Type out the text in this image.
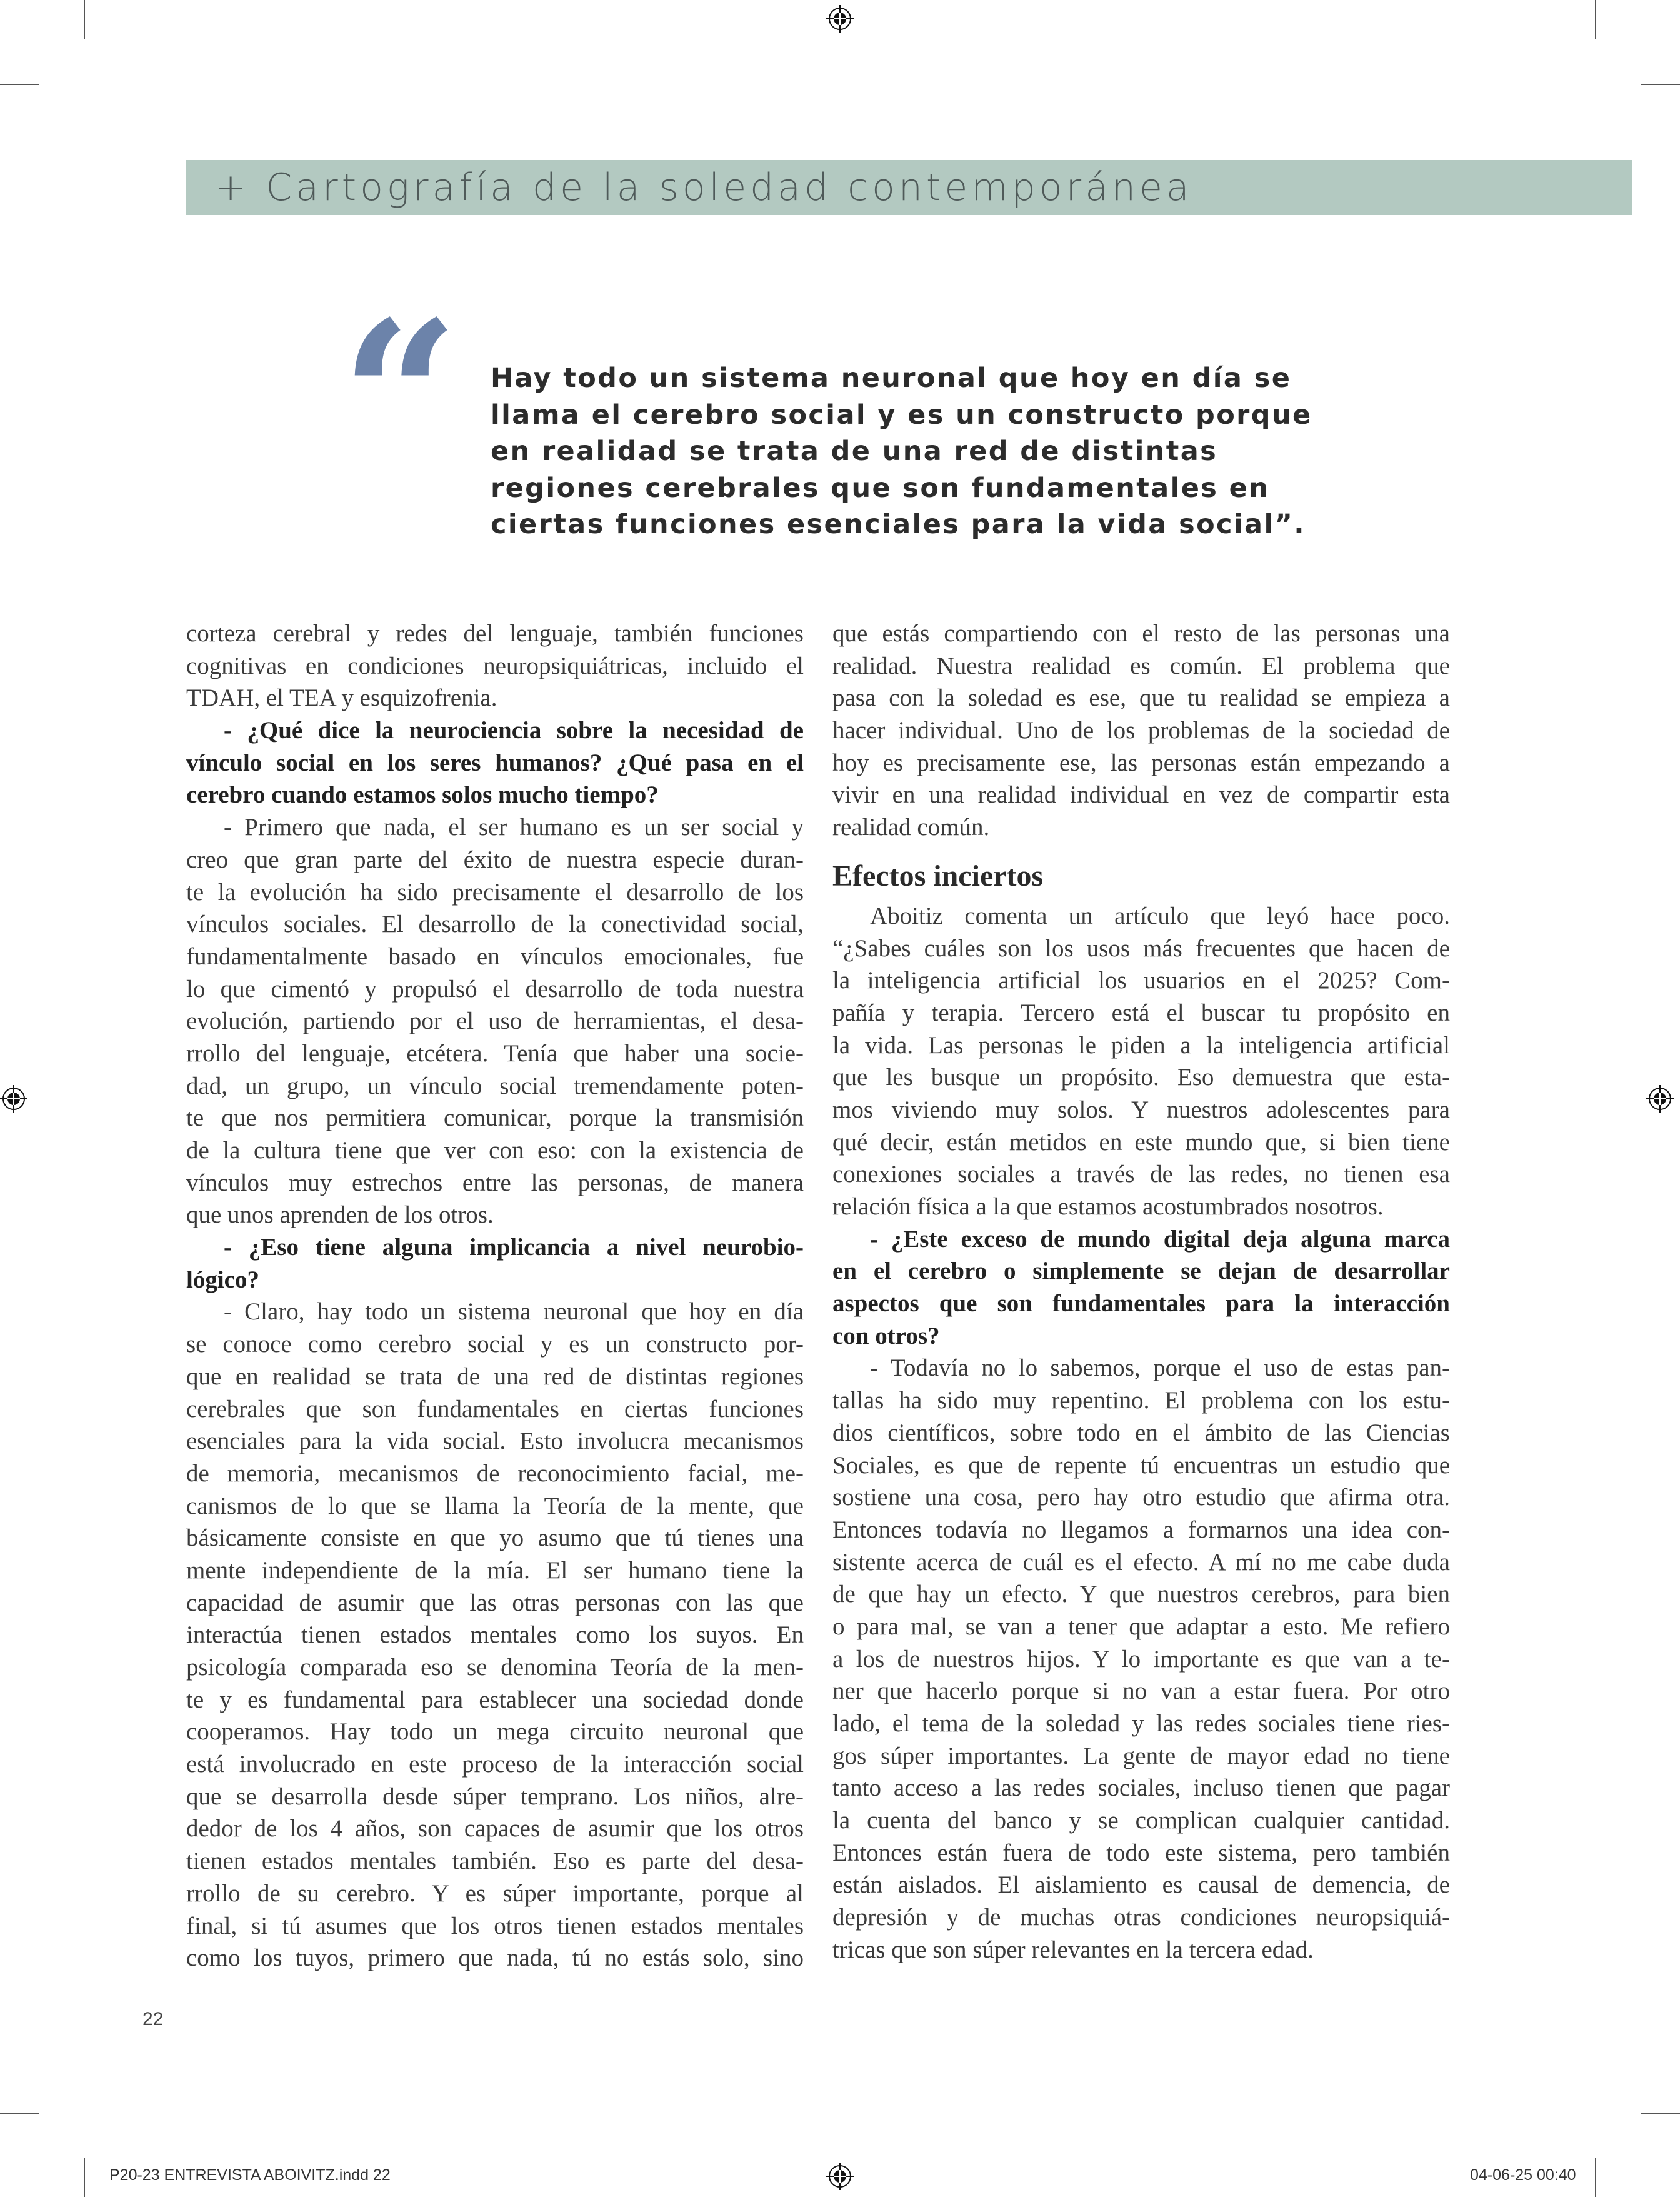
+ Cartografía de la soledad contemporánea
“ Hay todo un sistema neuronal que hoy en día se
llama el cerebro social y es un constructo porque
en realidad se trata de una red de distintas
regiones cerebrales que son fundamentales en
ciertas funciones esenciales para la vida social”.
corteza cerebral y redes del lenguaje, también funciones
cognitivas en condiciones neuropsiquiátricas, incluido el
TDAH, el TEA y esquizofrenia.
- ¿Qué dice la neurociencia sobre la necesidad de
vínculo social en los seres humanos? ¿Qué pasa en el
cerebro cuando estamos solos mucho tiempo?
- Primero que nada, el ser humano es un ser social y
creo que gran parte del éxito de nuestra especie duran-
te la evolución ha sido precisamente el desarrollo de los
vínculos sociales. El desarrollo de la conectividad social,
fundamentalmente basado en vínculos emocionales, fue
lo que cimentó y propulsó el desarrollo de toda nuestra
evolución, partiendo por el uso de herramientas, el desa-
rrollo del lenguaje, etcétera. Tenía que haber una socie-
dad, un grupo, un vínculo social tremendamente poten-
te que nos permitiera comunicar, porque la transmisión
de la cultura tiene que ver con eso: con la existencia de
vínculos muy estrechos entre las personas, de manera
que unos aprenden de los otros.
- ¿Eso tiene alguna implicancia a nivel neurobio-
lógico?
- Claro, hay todo un sistema neuronal que hoy en día
se conoce como cerebro social y es un constructo por-
que en realidad se trata de una red de distintas regiones
cerebrales que son fundamentales en ciertas funciones
esenciales para la vida social. Esto involucra mecanismos
de memoria, mecanismos de reconocimiento facial, me-
canismos de lo que se llama la Teoría de la mente, que
básicamente consiste en que yo asumo que tú tienes una
mente independiente de la mía. El ser humano tiene la
capacidad de asumir que las otras personas con las que
interactúa tienen estados mentales como los suyos. En
psicología comparada eso se denomina Teoría de la men-
te y es fundamental para establecer una sociedad donde
cooperamos. Hay todo un mega circuito neuronal que
está involucrado en este proceso de la interacción social
que se desarrolla desde súper temprano. Los niños, alre-
dedor de los 4 años, son capaces de asumir que los otros
tienen estados mentales también. Eso es parte del desa-
rrollo de su cerebro. Y es súper importante, porque al
final, si tú asumes que los otros tienen estados mentales
como los tuyos, primero que nada, tú no estás solo, sino
que estás compartiendo con el resto de las personas una
realidad. Nuestra realidad es común. El problema que
pasa con la soledad es ese, que tu realidad se empieza a
hacer individual. Uno de los problemas de la sociedad de
hoy es precisamente ese, las personas están empezando a
vivir en una realidad individual en vez de compartir esta
realidad común.
Efectos inciertos
Aboitiz comenta un artículo que leyó hace poco.
“¿Sabes cuáles son los usos más frecuentes que hacen de
la inteligencia artificial los usuarios en el 2025? Com-
pañía y terapia. Tercero está el buscar tu propósito en
la vida. Las personas le piden a la inteligencia artificial
que les busque un propósito. Eso demuestra que esta-
mos viviendo muy solos. Y nuestros adolescentes para
qué decir, están metidos en este mundo que, si bien tiene
conexiones sociales a través de las redes, no tienen esa
relación física a la que estamos acostumbrados nosotros.
- ¿Este exceso de mundo digital deja alguna marca
en el cerebro o simplemente se dejan de desarrollar
aspectos que son fundamentales para la interacción
con otros?
- Todavía no lo sabemos, porque el uso de estas pan-
tallas ha sido muy repentino. El problema con los estu-
dios científicos, sobre todo en el ámbito de las Ciencias
Sociales, es que de repente tú encuentras un estudio que
sostiene una cosa, pero hay otro estudio que afirma otra.
Entonces todavía no llegamos a formarnos una idea con-
sistente acerca de cuál es el efecto. A mí no me cabe duda
de que hay un efecto. Y que nuestros cerebros, para bien
o para mal, se van a tener que adaptar a esto. Me refiero
a los de nuestros hijos. Y lo importante es que van a te-
ner que hacerlo porque si no van a estar fuera. Por otro
lado, el tema de la soledad y las redes sociales tiene ries-
gos súper importantes. La gente de mayor edad no tiene
tanto acceso a las redes sociales, incluso tienen que pagar
la cuenta del banco y se complican cualquier cantidad.
Entonces están fuera de todo este sistema, pero también
están aislados. El aislamiento es causal de demencia, de
depresión y de muchas otras condiciones neuropsiquiá-
tricas que son súper relevantes en la tercera edad.
22
P20-23 ENTREVISTA ABOIVITZ.indd 22	04-06-25 00:40
